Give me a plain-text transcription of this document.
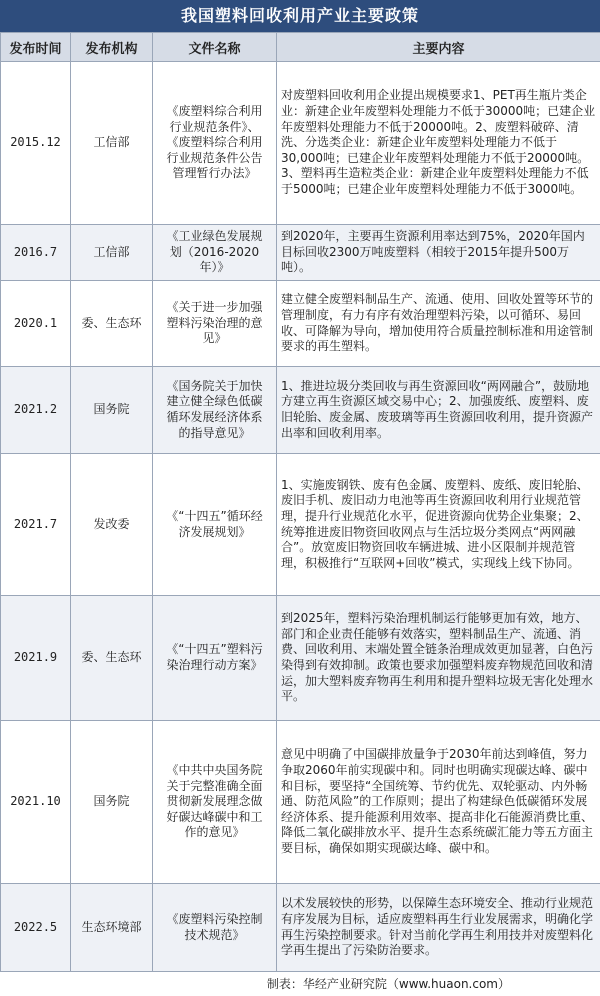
我国塑料回收利用产业主要政策
发布时间	发布机构	文件名称	主要内容
2015.12	工信部	《废塑料综合利用行业规范条件》、《废塑料综合利用行业规范条件公告管理暂行办法》	对废塑料回收利用企业提出规模要求1、PET再生瓶片类企业：新建企业年废塑料处理能力不低于30000吨；已建企业年废塑料处理能力不低于20000吨。2、废塑料破碎、清洗、分选类企业：新建企业年废塑料处理能力不低于30,000吨；已建企业年废塑料处理能力不低于20000吨。3、塑料再生造粒类企业：新建企业年废塑料处理能力不低于5000吨；已建企业年废塑料处理能力不低于3000吨。
2016.7	工信部	《工业绿色发展规划（2016-2020年）》	到2020年，主要再生资源利用率达到75%，2020年国内目标回收2300万吨废塑料（相较于2015年提升500万吨）。
2020.1	委、生态环	《关于进一步加强塑料污染治理的意见》	建立健全废塑料制品生产、流通、使用、回收处置等环节的管理制度，有力有序有效治理塑料污染，以可循环、易回收、可降解为导向，增加使用符合质量控制标准和用途管制要求的再生塑料。
2021.2	国务院	《国务院关于加快建立健全绿色低碳循环发展经济体系的指导意见》	1、推进垃圾分类回收与再生资源回收“两网融合”，鼓励地方建立再生资源区域交易中心；2、加强废纸、废塑料、废旧轮胎、废金属、废玻璃等再生资源回收利用，提升资源产出率和回收利用率。
2021.7	发改委	《“十四五”循环经济发展规划》	1、实施废钢铁、废有色金属、废塑料、废纸、废旧轮胎、废旧手机、废旧动力电池等再生资源回收利用行业规范管理，提升行业规范化水平，促进资源向优势企业集聚；2、统筹推进废旧物资回收网点与生活垃圾分类网点“两网融合”。放宽废旧物资回收车辆进城、进小区限制并规范管理，积极推行“互联网+回收”模式，实现线上线下协同。
2021.9	委、生态环	《“十四五”塑料污染治理行动方案》	到2025年，塑料污染治理机制运行能够更加有效，地方、部门和企业责任能够有效落实，塑料制品生产、流通、消费、回收利用、末端处置全链条治理成效更加显著，白色污染得到有效抑制。政策也要求加强塑料废弃物规范回收和清运，加大塑料废弃物再生利用和提升塑料垃圾无害化处理水平。
2021.10	国务院	《中共中央国务院关于完整准确全面贯彻新发展理念做好碳达峰碳中和工作的意见》	意见中明确了中国碳排放量争于2030年前达到峰值，努力争取2060年前实现碳中和。同时也明确实现碳达峰、碳中和目标，要坚持“全国统筹、节约优先、双轮驱动、内外畅通、防范风险”的工作原则；提出了构建绿色低碳循环发展经济体系、提升能源利用效率、提高非化石能源消费比重、降低二氧化碳排放水平、提升生态系统碳汇能力等五方面主要目标，确保如期实现碳达峰、碳中和。
2022.5	生态环境部	《废塑料污染控制技术规范》	以术发展较快的形势，以保障生态环境安全、推动行业规范有序发展为目标，适应废塑料再生行业发展需求，明确化学再生污染控制要求。针对当前化学再生利用技并对废塑料化学再生提出了污染防治要求。
制表：华经产业研究院（www.huaon.com）
